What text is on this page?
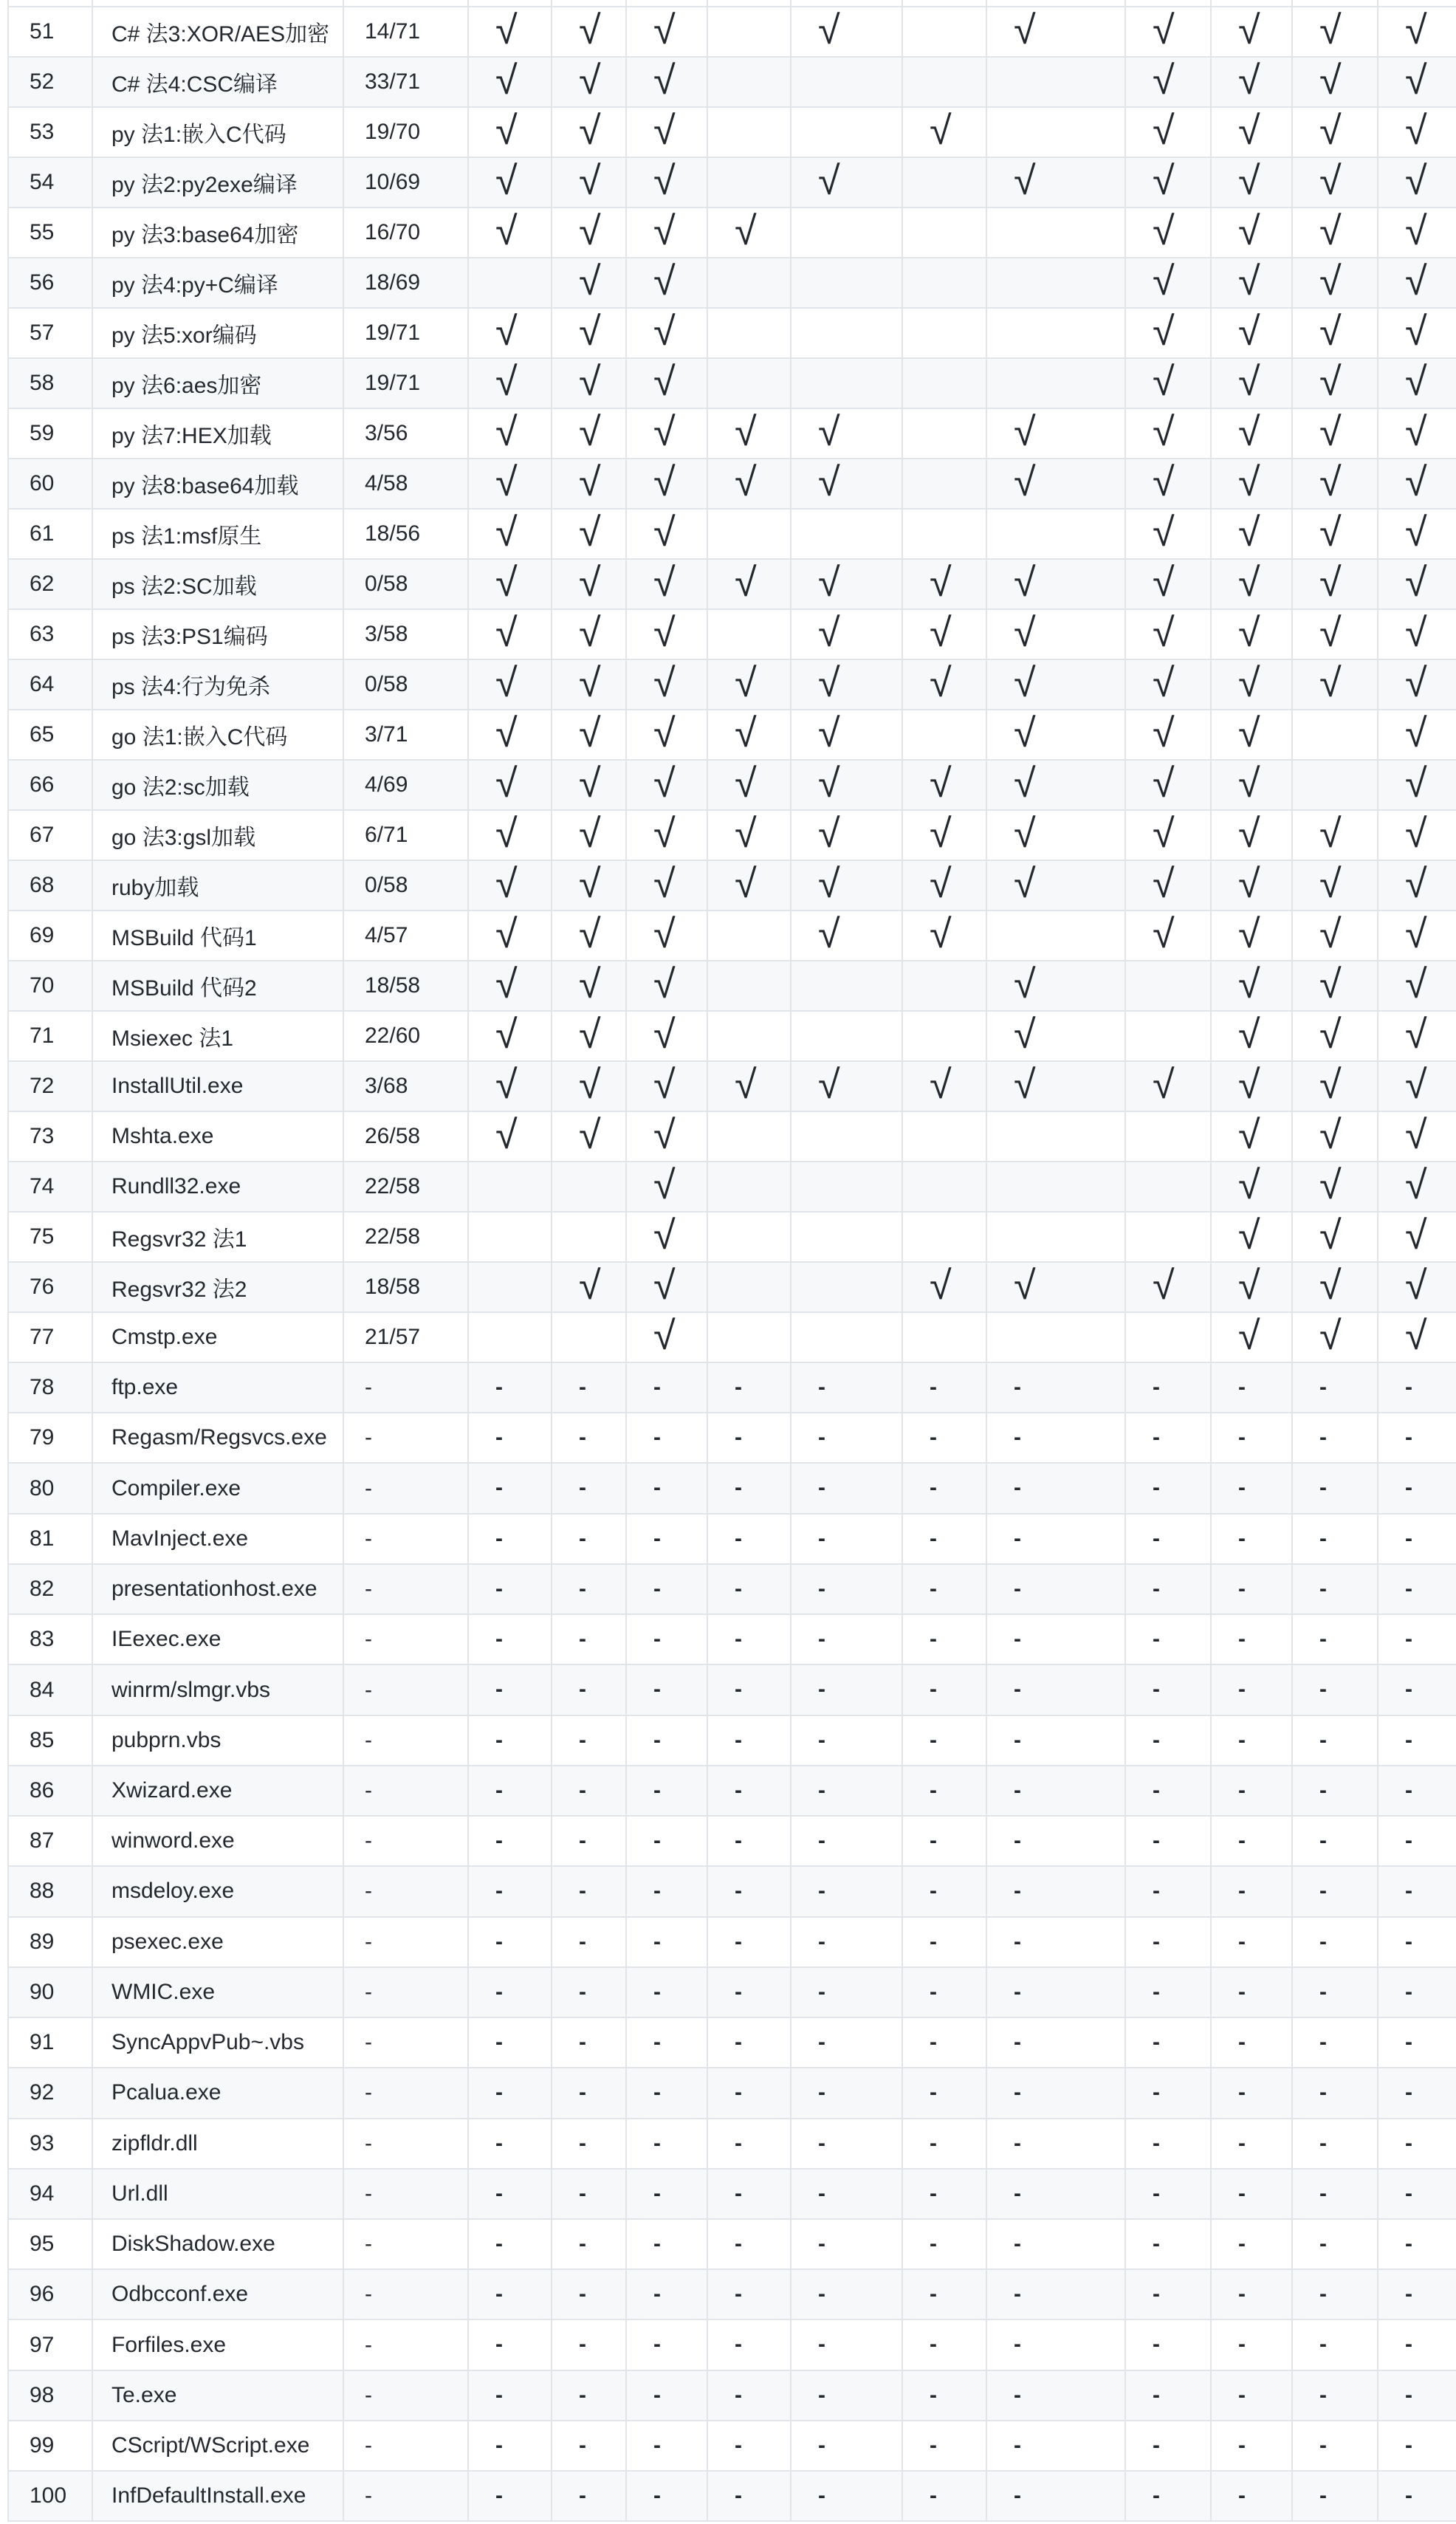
51	C# 法3:XOR/AES加密	14/71	√	√	√		√		√	√	√	√	√
52	C# 法4:CSC编译	33/71	√	√	√					√	√	√	√
53	py 法1:嵌入C代码	19/70	√	√	√			√		√	√	√	√
54	py 法2:py2exe编译	10/69	√	√	√		√		√	√	√	√	√
55	py 法3:base64加密	16/70	√	√	√	√				√	√	√	√
56	py 法4:py+C编译	18/69		√	√					√	√	√	√
57	py 法5:xor编码	19/71	√	√	√					√	√	√	√
58	py 法6:aes加密	19/71	√	√	√					√	√	√	√
59	py 法7:HEX加载	3/56	√	√	√	√	√		√	√	√	√	√
60	py 法8:base64加载	4/58	√	√	√	√	√		√	√	√	√	√
61	ps 法1:msf原生	18/56	√	√	√					√	√	√	√
62	ps 法2:SC加载	0/58	√	√	√	√	√	√	√	√	√	√	√
63	ps 法3:PS1编码	3/58	√	√	√		√	√	√	√	√	√	√
64	ps 法4:行为免杀	0/58	√	√	√	√	√	√	√	√	√	√	√
65	go 法1:嵌入C代码	3/71	√	√	√	√	√		√	√	√		√
66	go 法2:sc加载	4/69	√	√	√	√	√	√	√	√	√		√
67	go 法3:gsl加载	6/71	√	√	√	√	√	√	√	√	√	√	√
68	ruby加载	0/58	√	√	√	√	√	√	√	√	√	√	√
69	MSBuild 代码1	4/57	√	√	√		√	√		√	√	√	√
70	MSBuild 代码2	18/58	√	√	√				√		√	√	√
71	Msiexec 法1	22/60	√	√	√				√		√	√	√
72	InstallUtil.exe	3/68	√	√	√	√	√	√	√	√	√	√	√
73	Mshta.exe	26/58	√	√	√						√	√	√
74	Rundll32.exe	22/58			√						√	√	√
75	Regsvr32 法1	22/58			√						√	√	√
76	Regsvr32 法2	18/58		√	√			√	√	√	√	√	√
77	Cmstp.exe	21/57			√						√	√	√
78	ftp.exe	-	-	-	-	-	-	-	-	-	-	-	-
79	Regasm/Regsvcs.exe	-	-	-	-	-	-	-	-	-	-	-	-
80	Compiler.exe	-	-	-	-	-	-	-	-	-	-	-	-
81	MavInject.exe	-	-	-	-	-	-	-	-	-	-	-	-
82	presentationhost.exe	-	-	-	-	-	-	-	-	-	-	-	-
83	IEexec.exe	-	-	-	-	-	-	-	-	-	-	-	-
84	winrm/slmgr.vbs	-	-	-	-	-	-	-	-	-	-	-	-
85	pubprn.vbs	-	-	-	-	-	-	-	-	-	-	-	-
86	Xwizard.exe	-	-	-	-	-	-	-	-	-	-	-	-
87	winword.exe	-	-	-	-	-	-	-	-	-	-	-	-
88	msdeloy.exe	-	-	-	-	-	-	-	-	-	-	-	-
89	psexec.exe	-	-	-	-	-	-	-	-	-	-	-	-
90	WMIC.exe	-	-	-	-	-	-	-	-	-	-	-	-
91	SyncAppvPub~.vbs	-	-	-	-	-	-	-	-	-	-	-	-
92	Pcalua.exe	-	-	-	-	-	-	-	-	-	-	-	-
93	zipfldr.dll	-	-	-	-	-	-	-	-	-	-	-	-
94	Url.dll	-	-	-	-	-	-	-	-	-	-	-	-
95	DiskShadow.exe	-	-	-	-	-	-	-	-	-	-	-	-
96	Odbcconf.exe	-	-	-	-	-	-	-	-	-	-	-	-
97	Forfiles.exe	-	-	-	-	-	-	-	-	-	-	-	-
98	Te.exe	-	-	-	-	-	-	-	-	-	-	-	-
99	CScript/WScript.exe	-	-	-	-	-	-	-	-	-	-	-	-
100	InfDefaultInstall.exe	-	-	-	-	-	-	-	-	-	-	-	-
